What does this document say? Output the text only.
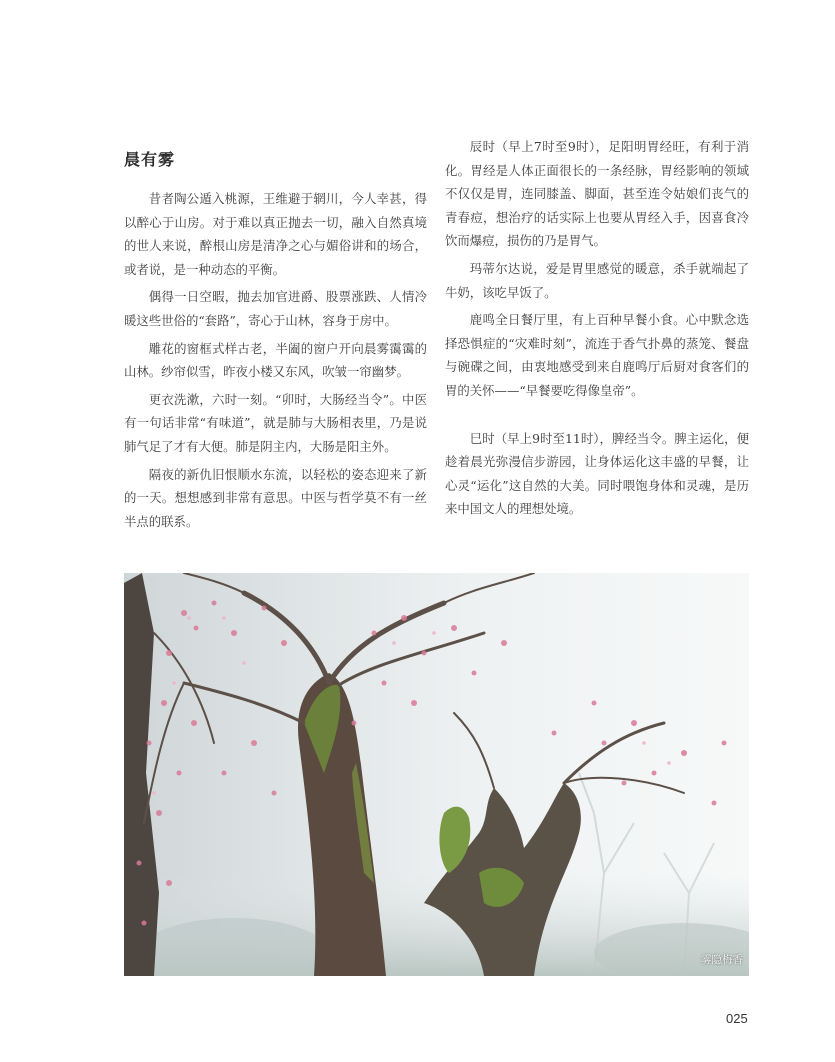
晨有雾

昔者陶公遁入桃源，王维避于辋川，今人幸甚，得以醉心于山房。对于难以真正抛去一切，融入自然真境的世人来说，醉根山房是清净之心与媚俗讲和的场合，或者说，是一种动态的平衡。

偶得一日空暇，抛去加官进爵、股票涨跌、人情冷暖这些世俗的“套路”，寄心于山林，容身于房中。

雕花的窗框式样古老，半阖的窗户开向晨雾霭霭的山林。纱帘似雪，昨夜小楼又东风，吹皱一帘幽梦。

更衣洗漱，六时一刻。“卯时，大肠经当令”。中医有一句话非常“有味道”，就是肺与大肠相表里，乃是说肺气足了才有大便。肺是阴主内，大肠是阳主外。

隔夜的新仇旧恨顺水东流，以轻松的姿态迎来了新的一天。想想感到非常有意思。中医与哲学莫不有一丝半点的联系。

辰时（早上7时至9时），足阳明胃经旺，有利于消化。胃经是人体正面很长的一条经脉，胃经影响的领域不仅仅是胃，连同膝盖、脚面，甚至连令姑娘们丧气的青春痘，想治疗的话实际上也要从胃经入手，因喜食冷饮而爆痘，损伤的乃是胃气。

玛蒂尔达说，爱是胃里感觉的暖意，杀手就端起了牛奶，该吃早饭了。

鹿鸣全日餐厅里，有上百种早餐小食。心中默念选择恐惧症的“灾难时刻”，流连于香气扑鼻的蒸笼、餐盘与碗碟之间，由衷地感受到来自鹿鸣厅后厨对食客们的胃的关怀——“早餐要吃得像皇帝”。

巳时（早上9时至11时），脾经当令。脾主运化，便趁着晨光弥漫信步游园，让身体运化这丰盛的早餐，让心灵“运化”这自然的大美。同时喂饱身体和灵魂，是历来中国文人的理想处境。

雾隐梅香
025
